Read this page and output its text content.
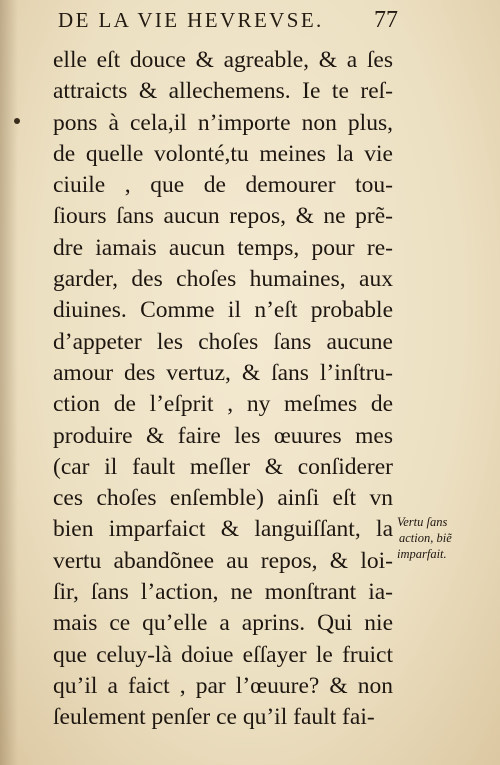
DE LA VIE HEVREVSE. 77
elle eſt douce & agreable, & a ſes
attraicts & allechemens. Ie te reſ-
pons à cela,il n’importe non plus,
de quelle volonté,tu meines la vie
ciuile , que de demourer tou-
ſiours ſans aucun repos, & ne prẽ-
dre iamais aucun temps, pour re-
garder, des choſes humaines, aux
diuines. Comme il n’eſt probable
d’appeter les choſes ſans aucune
amour des vertuz, & ſans l’inſtru-
ction de l’eſprit , ny meſmes de
produire & faire les œuures mes
(car il fault meſler & conſiderer
ces choſes enſemble) ainſi eſt vn
bien imparfaict & languiſſant, la
vertu abandõnee au repos, & loi-
ſir, ſans l’action, ne monſtrant ia-
mais ce qu’elle a aprins. Qui nie
que celuy-là doiue eſſayer le fruict
qu’il a faict , par l’œuure? & non
ſeulement penſer ce qu’il fault fai-
Vertu ſans
action, biẽ
imparfait.
